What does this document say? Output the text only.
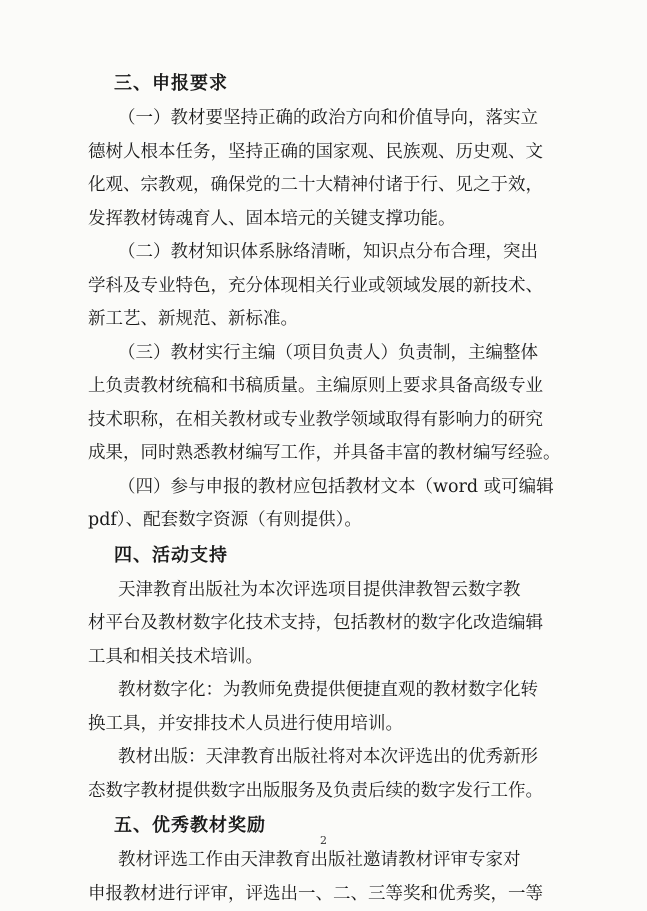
三、申报要求
（一）教材要坚持正确的政治方向和价值导向，落实立
德树人根本任务，坚持正确的国家观、民族观、历史观、文
化观、宗教观，确保党的二十大精神付诸于行、见之于效，
发挥教材铸魂育人、固本培元的关键支撑功能。
（二）教材知识体系脉络清晰，知识点分布合理，突出
学科及专业特色，充分体现相关行业或领域发展的新技术、
新工艺、新规范、新标准。
（三）教材实行主编（项目负责人）负责制，主编整体
上负责教材统稿和书稿质量。主编原则上要求具备高级专业
技术职称，在相关教材或专业教学领域取得有影响力的研究
成果，同时熟悉教材编写工作，并具备丰富的教材编写经验。
（四）参与申报的教材应包括教材文本（word 或可编辑
pdf）、配套数字资源（有则提供）。
四、活动支持
天津教育出版社为本次评选项目提供津教智云数字教
材平台及教材数字化技术支持，包括教材的数字化改造编辑
工具和相关技术培训。
教材数字化：为教师免费提供便捷直观的教材数字化转
换工具，并安排技术人员进行使用培训。
教材出版：天津教育出版社将对本次评选出的优秀新形
态数字教材提供数字出版服务及负责后续的数字发行工作。
五、优秀教材奖励
教材评选工作由天津教育出版社邀请教材评审专家对
申报教材进行评审，评选出一、二、三等奖和优秀奖，一等
2
